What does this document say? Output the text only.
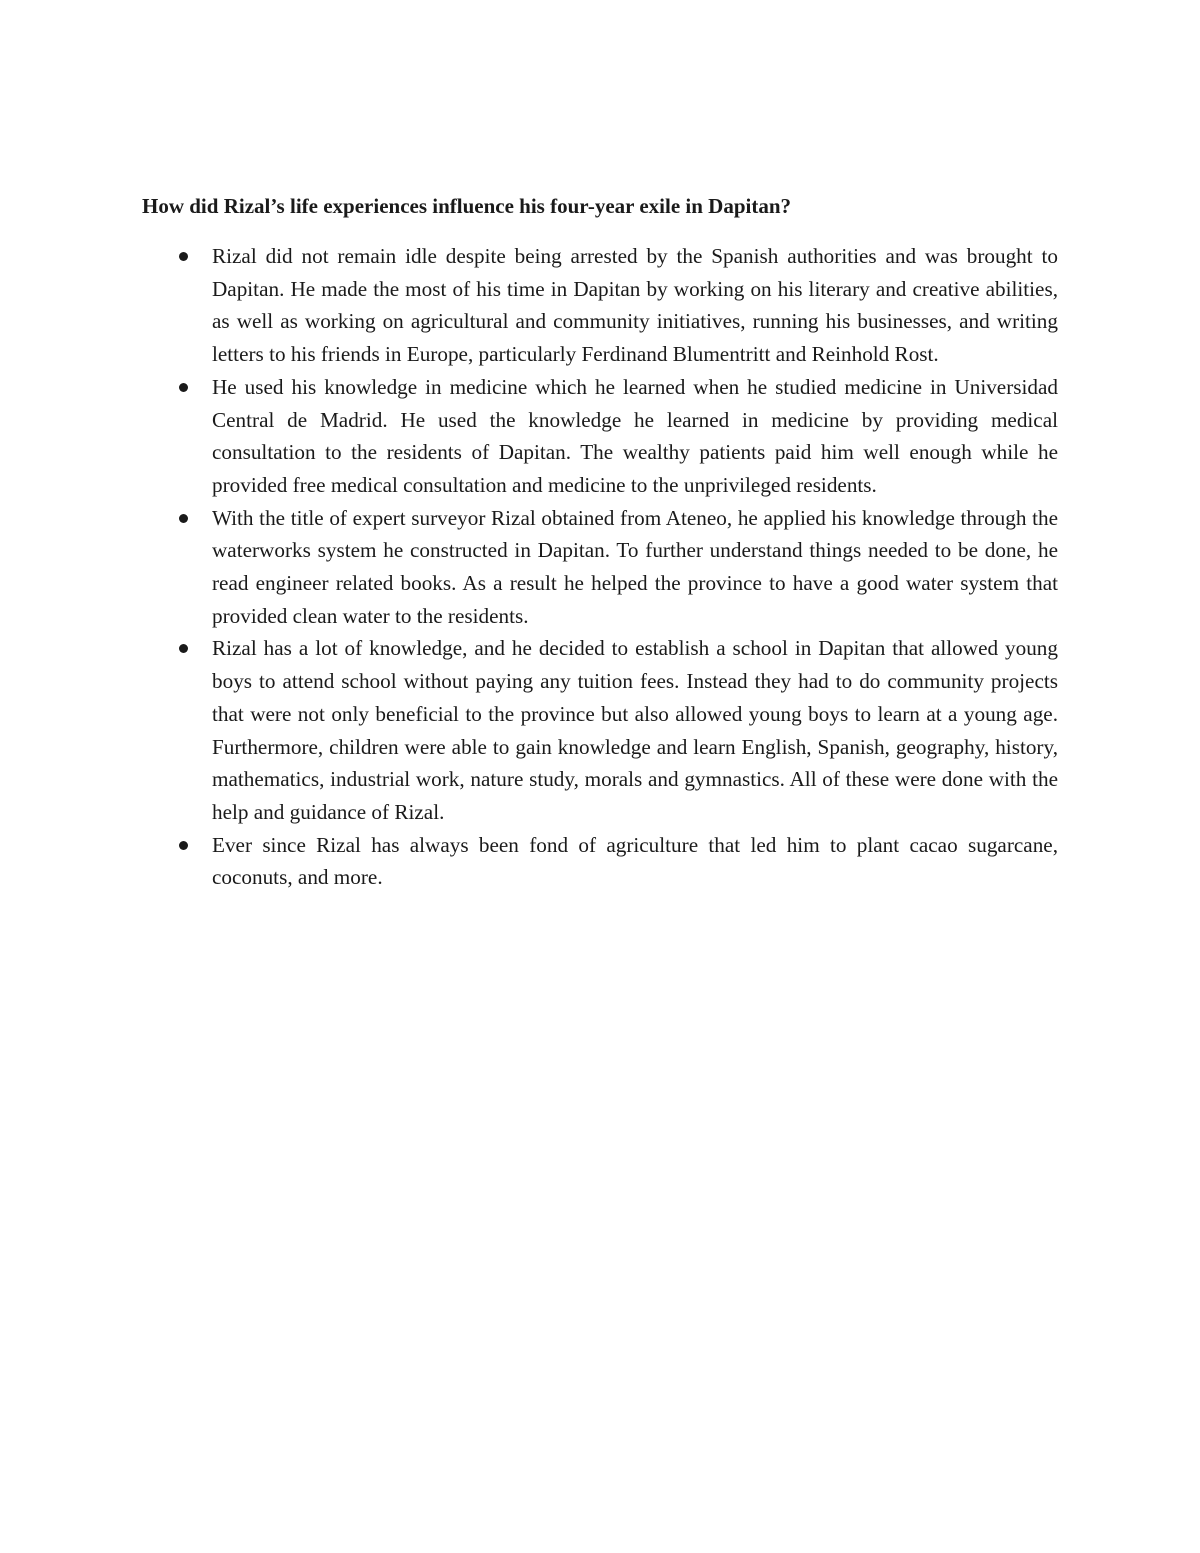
How did Rizal’s life experiences influence his four-year exile in Dapitan?
Rizal did not remain idle despite being arrested by the Spanish authorities and was brought to Dapitan. He made the most of his time in Dapitan by working on his literary and creative abilities, as well as working on agricultural and community initiatives, running his businesses, and writing letters to his friends in Europe, particularly Ferdinand Blumentritt and Reinhold Rost.
He used his knowledge in medicine which he learned when he studied medicine in Universidad Central de Madrid. He used the knowledge he learned in medicine by providing medical consultation to the residents of Dapitan. The wealthy patients paid him well enough while he provided free medical consultation and medicine to the unprivileged residents.
With the title of expert surveyor Rizal obtained from Ateneo, he applied his knowledge through the waterworks system he constructed in Dapitan. To further understand things needed to be done, he read engineer related books. As a result he helped the province to have a good water system that provided clean water to the residents.
Rizal has a lot of knowledge, and he decided to establish a school in Dapitan that allowed young boys to attend school without paying any tuition fees. Instead they had to do community projects that were not only beneficial to the province but also allowed young boys to learn at a young age. Furthermore, children were able to gain knowledge and learn English, Spanish, geography, history, mathematics, industrial work, nature study, morals and gymnastics. All of these were done with the help and guidance of Rizal.
Ever since Rizal has always been fond of agriculture that led him to plant cacao sugarcane, coconuts, and more.
